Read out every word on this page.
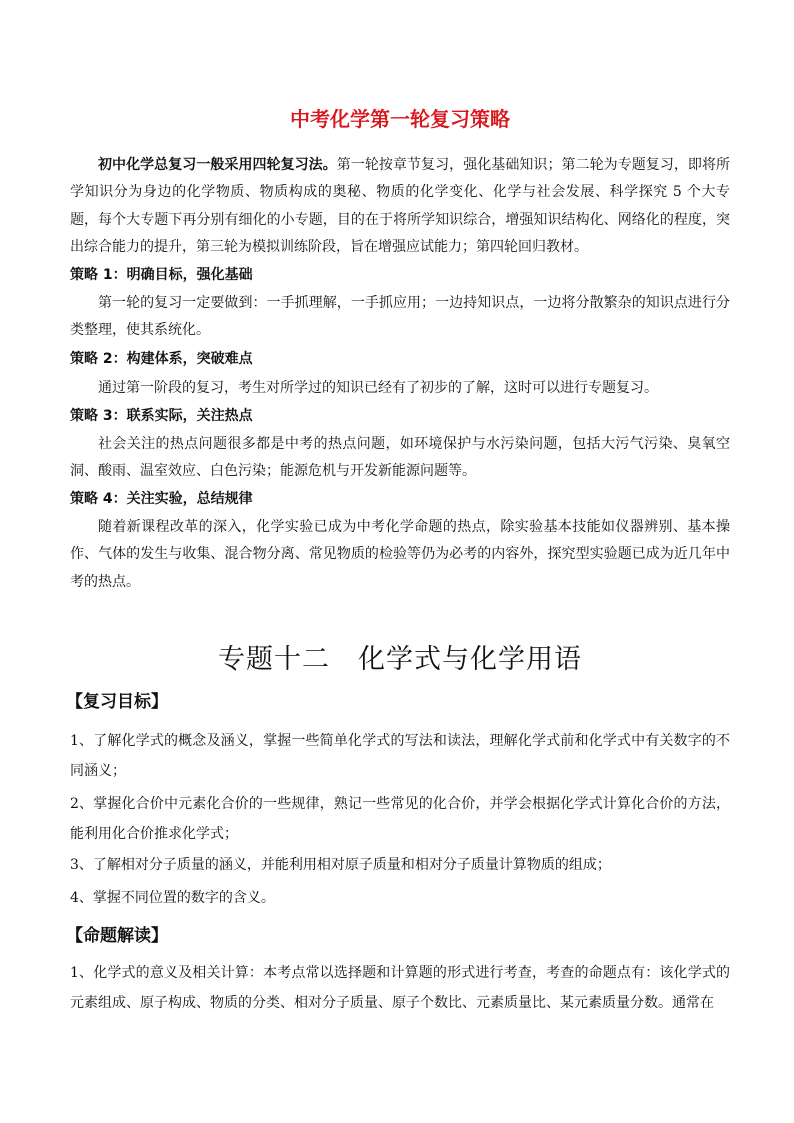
中考化学第一轮复习策略
初中化学总复习一般采用四轮复习法。第一轮按章节复习，强化基础知识；第二轮为专题复习，即将所学知识分为身边的化学物质、物质构成的奥秘、物质的化学变化、化学与社会发展、科学探究 5 个大专题，每个大专题下再分别有细化的小专题，目的在于将所学知识综合，增强知识结构化、网络化的程度，突出综合能力的提升，第三轮为模拟训练阶段，旨在增强应试能力；第四轮回归教材。
策略 1：明确目标，强化基础
第一轮的复习一定要做到：一手抓理解，一手抓应用；一边持知识点，一边将分散繁杂的知识点进行分类整理，使其系统化。
策略 2：构建体系，突破难点
通过第一阶段的复习，考生对所学过的知识已经有了初步的了解，这时可以进行专题复习。
策略 3：联系实际，关注热点
社会关注的热点问题很多都是中考的热点问题，如环境保护与水污染问题，包括大污气污染、臭氧空洞、酸雨、温室效应、白色污染；能源危机与开发新能源问题等。
策略 4：关注实验，总结规律
随着新课程改革的深入，化学实验已成为中考化学命题的热点，除实验基本技能如仪器辨别、基本操作、气体的发生与收集、混合物分离、常见物质的检验等仍为必考的内容外，探究型实验题已成为近几年中考的热点。
专题十二　化学式与化学用语
【复习目标】
1、了解化学式的概念及涵义，掌握一些简单化学式的写法和读法，理解化学式前和化学式中有关数字的不同涵义；
2、掌握化合价中元素化合价的一些规律，熟记一些常见的化合价，并学会根据化学式计算化合价的方法，能利用化合价推求化学式；
3、了解相对分子质量的涵义，并能利用相对原子质量和相对分子质量计算物质的组成；
4、掌握不同位置的数字的含义。
【命题解读】
1、化学式的意义及相关计算：本考点常以选择题和计算题的形式进行考查，考查的命题点有：该化学式的元素组成、原子构成、物质的分类、相对分子质量、原子个数比、元素质量比、某元素质量分数。通常在
